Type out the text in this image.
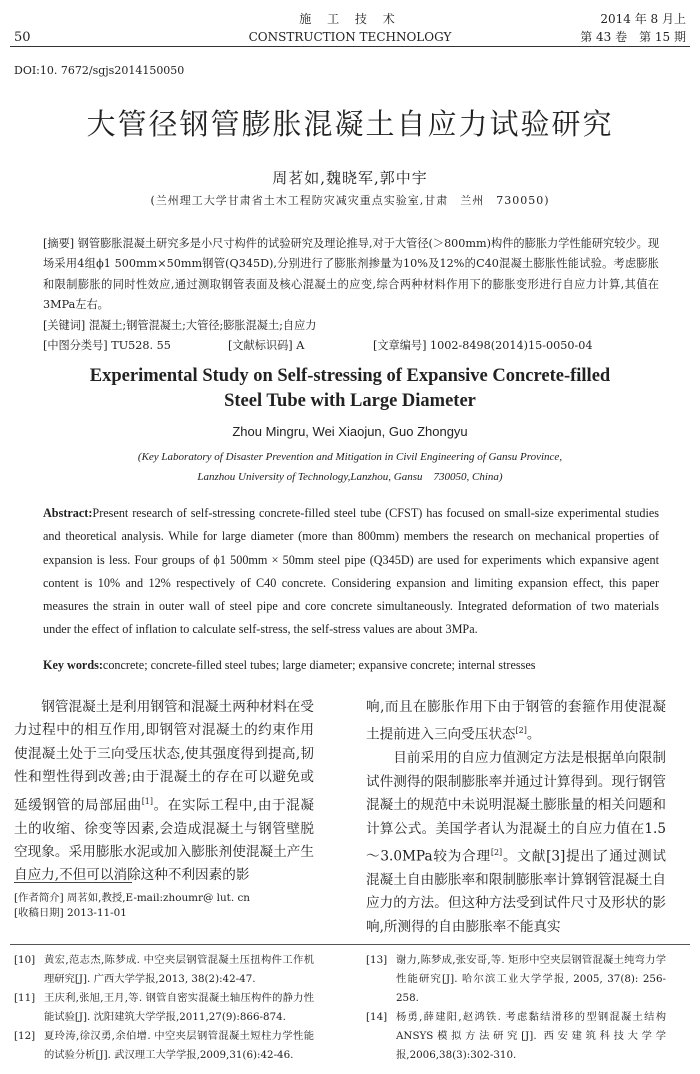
50
施 工 技 术
CONSTRUCTION TECHNOLOGY
2014 年 8 月上
第 43 卷　第 15 期
DOI:10. 7672/sgjs2014150050
大管径钢管膨胀混凝土自应力试验研究
周茗如,魏晓军,郭中宇
(兰州理工大学甘肃省土木工程防灾减灾重点实验室,甘肃　兰州　730050)
[摘要] 钢管膨胀混凝土研究多是小尺寸构件的试验研究及理论推导,对于大管径(＞800mm)构件的膨胀力学性能研究较少。现场采用4组ϕ1 500mm×50mm钢管(Q345D),分别进行了膨胀剂掺量为10%及12%的C40混凝土膨胀性能试验。考虑膨胀和限制膨胀的同时性效应,通过测取钢管表面及核心混凝土的应变,综合两种材料作用下的膨胀变形进行自应力计算,其值在3MPa左右。
[关键词] 混凝土;钢管混凝土;大管径;膨胀混凝土;自应力
[中图分类号] TU528. 55	[文献标识码] A	[文章编号] 1002-8498(2014)15-0050-04
Experimental Study on Self-stressing of Expansive Concrete-filled Steel Tube with Large Diameter
Zhou Mingru, Wei Xiaojun, Guo Zhongyu
(Key Laboratory of Disaster Prevention and Mitigation in Civil Engineering of Gansu Province,
Lanzhou University of Technology,Lanzhou, Gansu　730050, China)
Abstract:Present research of self-stressing concrete-filled steel tube (CFST) has focused on small-size experimental studies and theoretical analysis. While for large diameter (more than 800mm) members the research on mechanical properties of expansion is less. Four groups of ϕ1 500mm × 50mm steel pipe (Q345D) are used for experiments which expansive agent content is 10% and 12% respectively of C40 concrete. Considering expansion and limiting expansion effect, this paper measures the strain in outer wall of steel pipe and core concrete simultaneously. Integrated deformation of two materials under the effect of inflation to calculate self-stress, the self-stress values are about 3MPa.
Key words:concrete; concrete-filled steel tubes; large diameter; expansive concrete; internal stresses

钢管混凝土是利用钢管和混凝土两种材料在受力过程中的相互作用,即钢管对混凝土的约束作用使混凝土处于三向受压状态,使其强度得到提高,韧性和塑性得到改善;由于混凝土的存在可以避免或延缓钢管的局部屈曲[1]。在实际工程中,由于混凝土的收缩、徐变等因素,会造成混凝土与钢管壁脱空现象。采用膨胀水泥或加入膨胀剂使混凝土产生自应力,不但可以消除这种不利因素的影

响,而且在膨胀作用下由于钢管的套箍作用使混凝土提前进入三向受压状态[2]。

目前采用的自应力值测定方法是根据单向限制试件测得的限制膨胀率并通过计算得到。现行钢管混凝土的规范中未说明混凝土膨胀量的相关问题和计算公式。美国学者认为混凝土的自应力值在1.5～3.0MPa较为合理[2]。文献[3]提出了通过测试混凝土自由膨胀率和限制膨胀率计算钢管混凝土自应力的方法。但这种方法受到试件尺寸及形状的影响,所测得的自由膨胀率不能真实

[作者简介] 周茗如,教授,E-mail:zhoumr@ lut. cn
[收稿日期] 2013-11-01
[10] 黄宏,范志杰,陈梦成. 中空夹层钢管混凝土压扭构件工作机理研究[J]. 广西大学学报,2013, 38(2):42-47.
[11] 王庆利,张旭,王月,等. 钢管自密实混凝土轴压构件的静力性能试验[J]. 沈阳建筑大学学报,2011,27(9):866-874.
[12] 夏玲涛,徐汉勇,余伯增. 中空夹层钢管混凝土短柱力学性能的试验分析[J]. 武汉理工大学学报,2009,31(6):42-46.
[13] 谢力,陈梦成,张安哥,等. 矩形中空夹层钢管混凝土纯弯力学性能研究[J]. 哈尔滨工业大学学报, 2005, 37(8): 256-258.
[14] 杨勇,薛建阳,赵鸿铁. 考虑黏结滑移的型钢混凝土结构ANSYS模拟方法研究[J]. 西安建筑科技大学学报,2006,38(3):302-310.
